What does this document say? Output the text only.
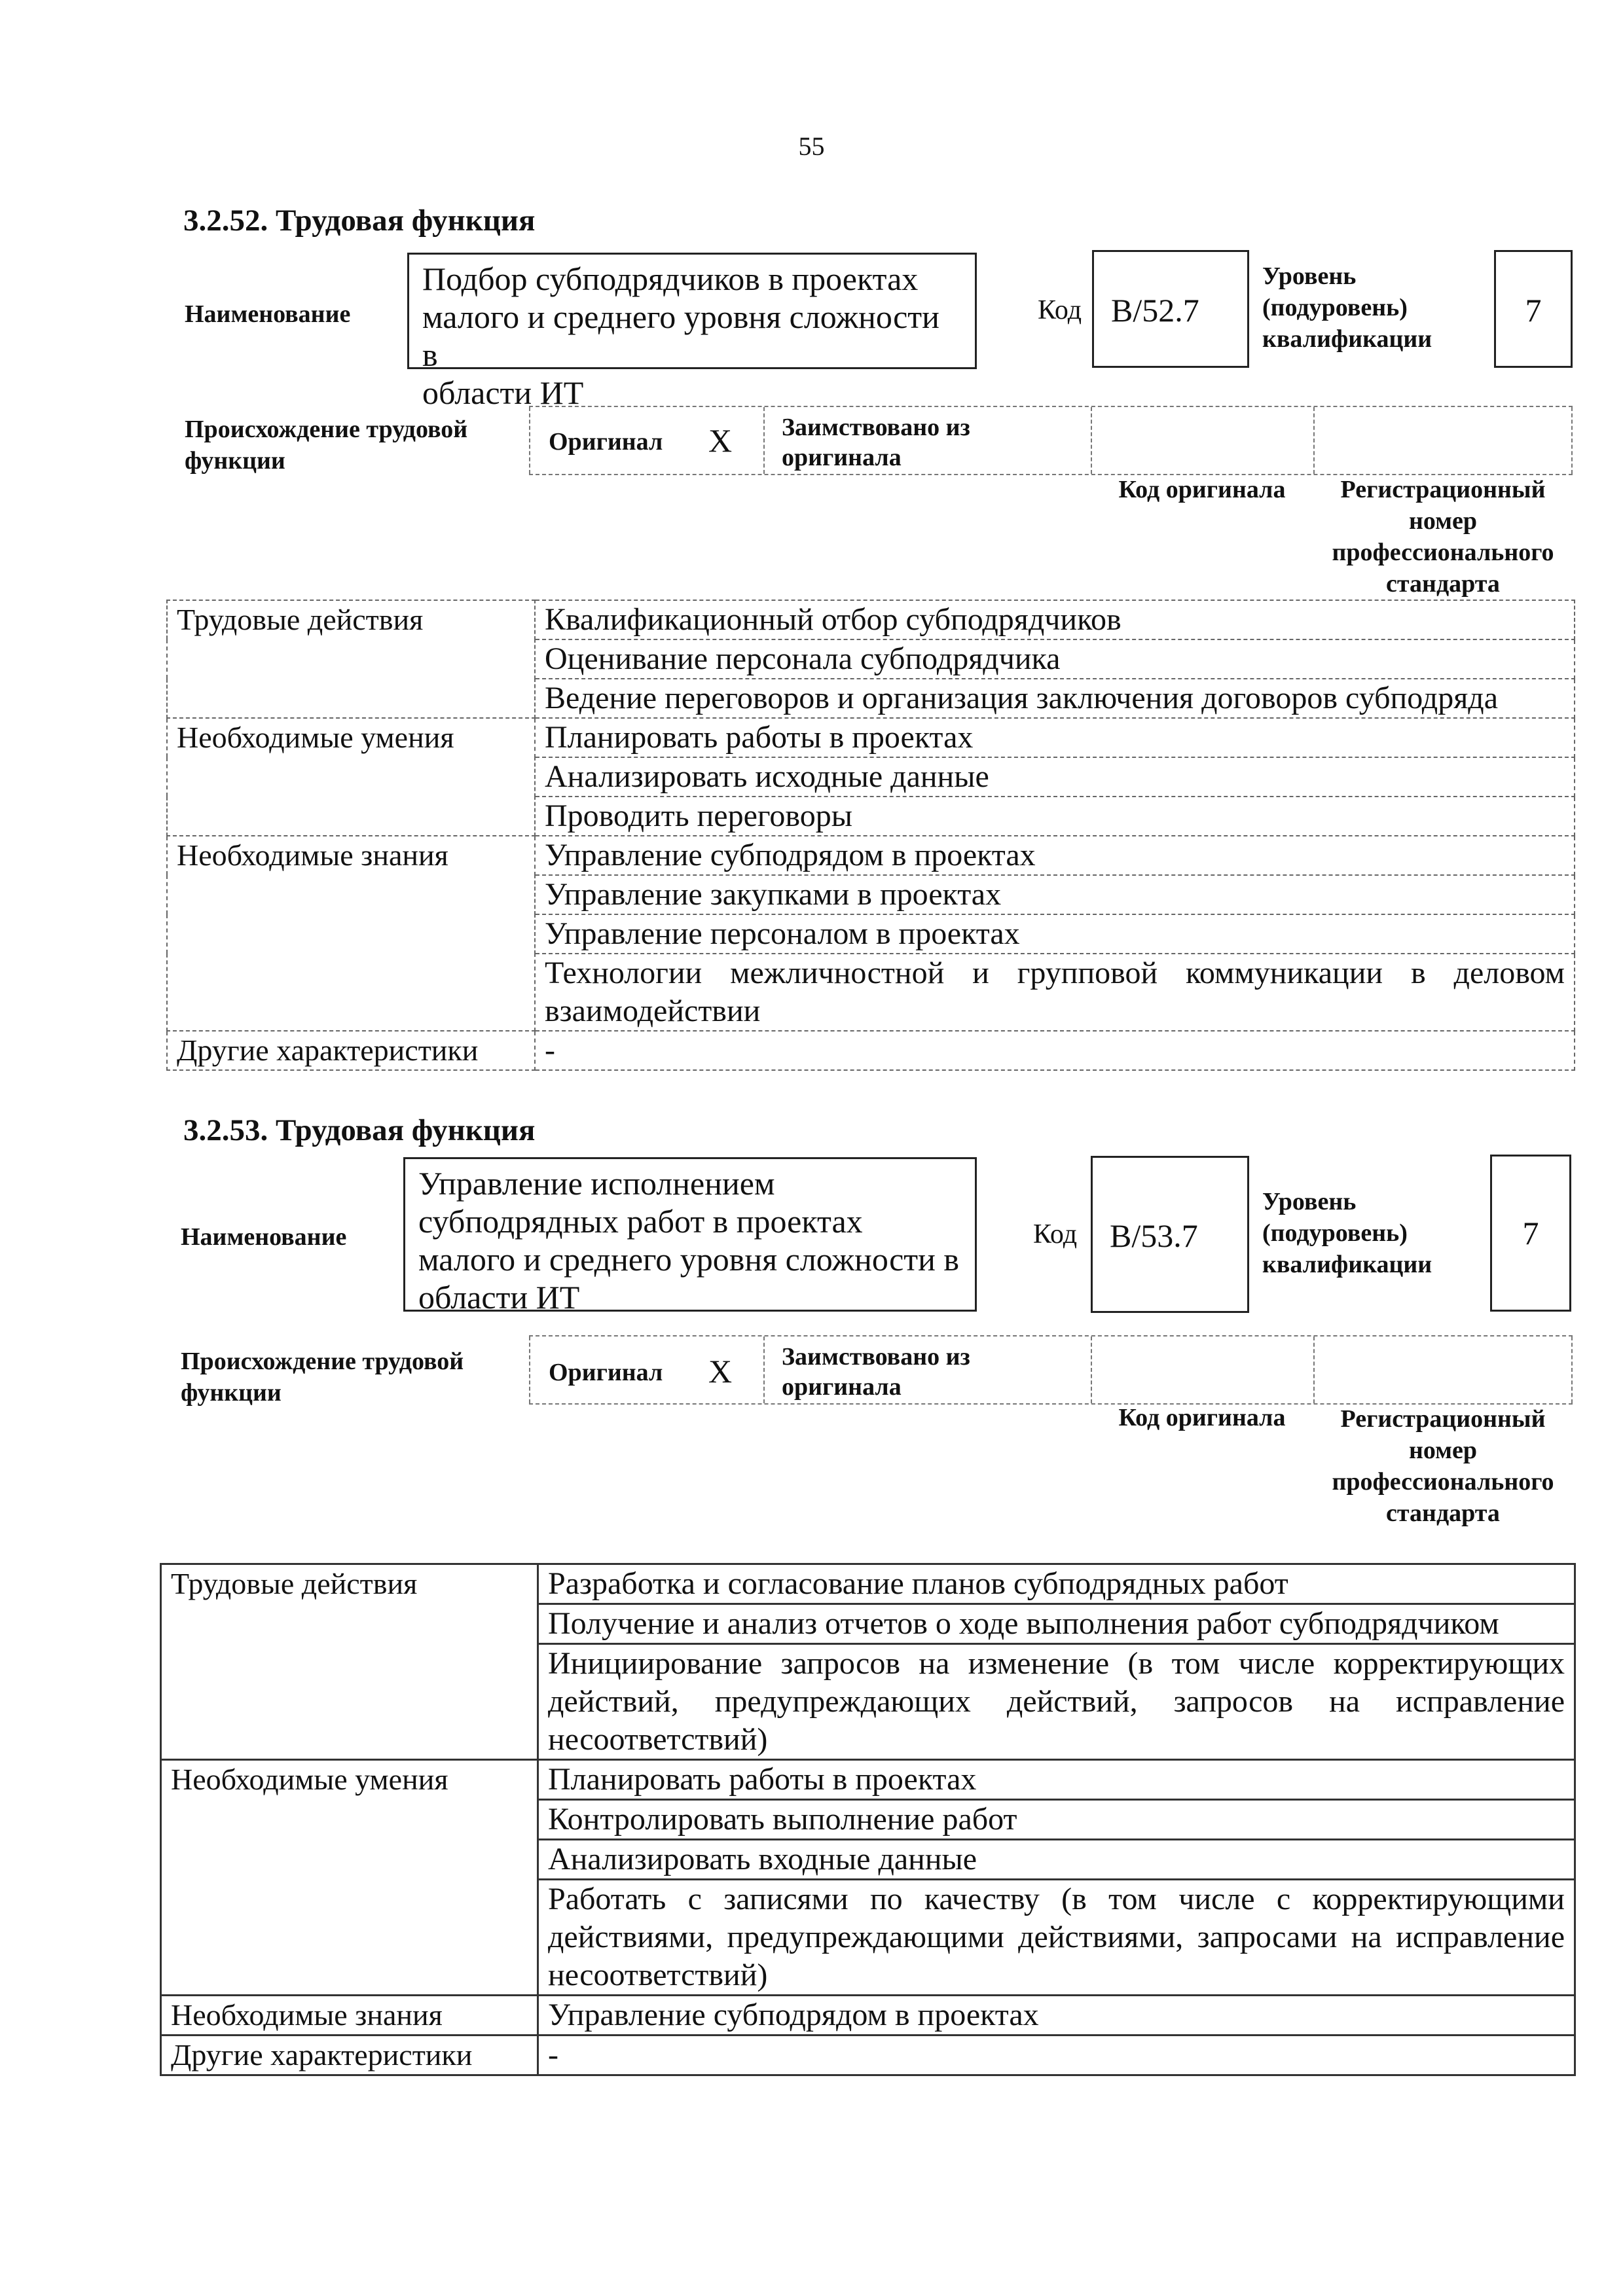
55
3.2.52. Трудовая функция
Наименование
Подбор субподрядчиков в проектах
малого и среднего уровня сложности в
области ИТ
Код B/52.7
Уровень
(подуровень)
квалификации
7
Происхождение трудовой
функции
Оригинал X Заимствовано из
оригинала
Код оригинала	Регистрационный
номер
профессионального
стандарта
Трудовые действия	Квалификационный отбор субподрядчиков
	Оценивание персонала субподрядчика
	Ведение переговоров и организация заключения договоров субподряда
Необходимые умения	Планировать работы в проектах
	Анализировать исходные данные
	Проводить переговоры
Необходимые знания	Управление субподрядом в проектах
	Управление закупками в проектах
	Управление персоналом в проектах
	Технологии межличностной и групповой коммуникации в деловом взаимодействии
Другие характеристики	-
3.2.53. Трудовая функция
Наименование
Управление исполнением
субподрядных работ в проектах
малого и среднего уровня сложности в
области ИТ
Код B/53.7
Уровень
(подуровень)
квалификации
7
Происхождение трудовой
функции
Оригинал X Заимствовано из
оригинала
Код оригинала	Регистрационный
номер
профессионального
стандарта
Трудовые действия	Разработка и согласование планов субподрядных работ
	Получение и анализ отчетов о ходе выполнения работ субподрядчиком
	Инициирование запросов на изменение (в том числе корректирующих действий, предупреждающих действий, запросов на исправление несоответствий)
Необходимые умения	Планировать работы в проектах
	Контролировать выполнение работ
	Анализировать входные данные
	Работать с записями по качеству (в том числе с корректирующими действиями, предупреждающими действиями, запросами на исправление несоответствий)
Необходимые знания	Управление субподрядом в проектах
Другие характеристики	-
